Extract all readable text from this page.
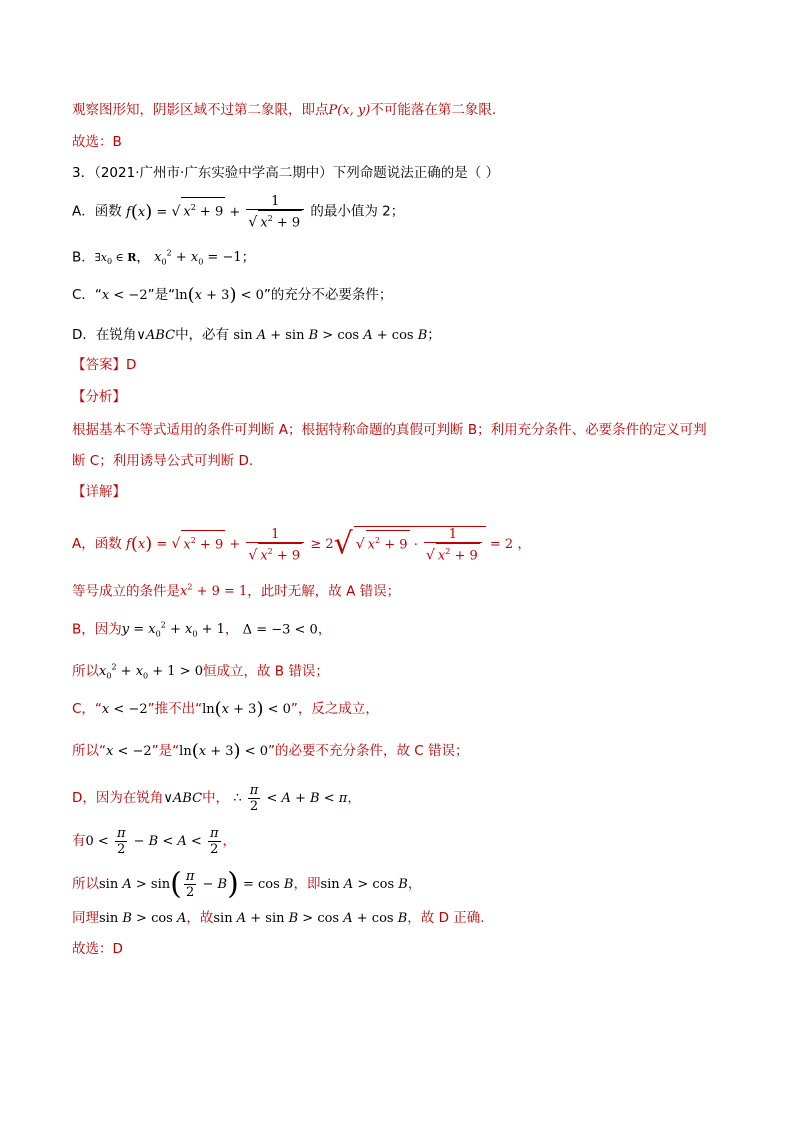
观察图形知，阴影区域不过第二象限，即点P(x, y)不可能落在第二象限.
故选：B
3．（2021·广州市·广东实验中学高二期中）下列命题说法正确的是（ ）
A．函数 f(x) = √ $x^2 + 9 + \frac{1}{√ x^2 + 9}$ 的最小值为 2；
B．$\exists x_0$ ∈ R， $x_0^2 + x_0 = -1$；
C．“x < −2”是“ln(x + 3) < 0”的充分不必要条件；
D．在锐角∨ABC中，必有 sin A + sin B > cos A + cos B；
【答案】D
【分析】
根据基本不等式适用的条件可判断 A；根据特称命题的真假可判断 B；利用充分条件、必要条件的定义可判
断 C；利用诱导公式可判断 D.
【详解】
A，函数 f(x) = √ $x^2 + 9 + \frac{1}{√ x^2 + 9} \ge 2√$ √ $x^2 + 9 \cdot \frac{1}{√ x^2 + 9} = 2$ ，
等号成立的条件是$x^2 + 9 = 1$，此时无解，故 A 错误；
B，因为$y = x_0^2 + x_0 + 1$， Δ = −3 < 0，
所以$x_0^2 + x_0 + 1 > 0$恒成立，故 B 错误；
C，“x < −2”推不出“ln(x + 3) < 0”，反之成立，
所以“x < −2”是“ln(x + 3) < 0”的必要不充分条件，故 C 错误；
D，因为在锐角∨ABC中， ∴ $\frac{\pi}{2} < A + B < \pi$，
有$0 < \frac{\pi}{2} - B < A < \frac{\pi}{2}$ ，
所以$\sin A > \sin( \frac{\pi}{2} - B) = \cos B$，即sin A > cos B，
同理sin B > cos A，故sin A + sin B > cos A + cos B，故 D 正确.
故选：D
